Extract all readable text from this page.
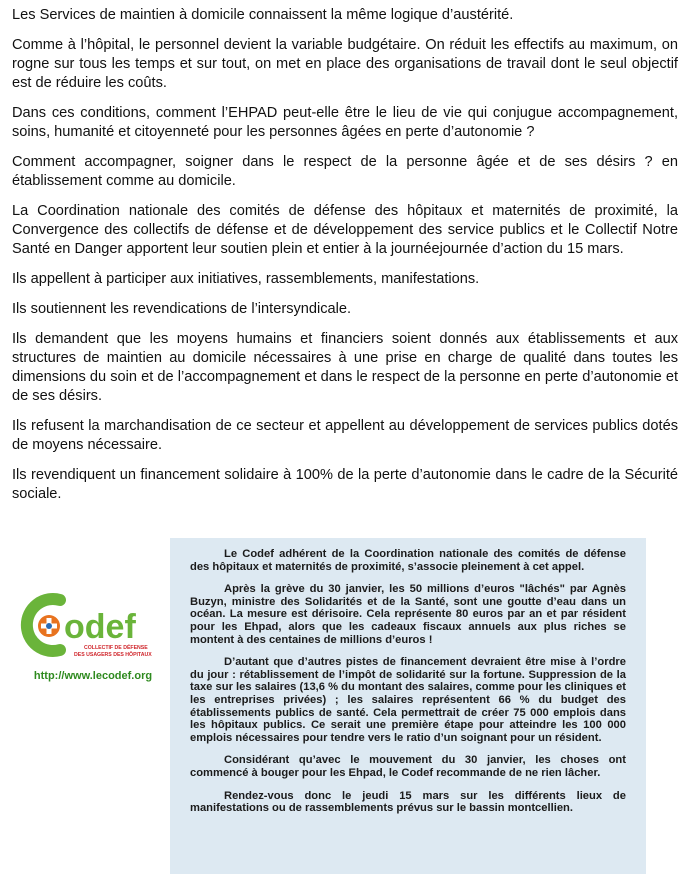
Les Services de maintien à domicile connaissent la même logique d’austérité.

Comme à l’hôpital, le personnel devient la variable budgétaire. On réduit les effectifs au maximum, on rogne sur tous les temps et sur tout, on met en place des organisations de travail dont le seul objectif est de réduire les coûts.

Dans ces conditions, comment l’EHPAD peut-elle être le lieu de vie qui conjugue accompagnement, soins, humanité et citoyenneté pour les personnes âgées en perte d’autonomie ?

Comment accompagner, soigner dans le respect de la personne âgée et de ses désirs ? en établissement comme au domicile.

La Coordination nationale des comités de défense des hôpitaux et maternités de proximité, la Convergence des collectifs de défense et de développement des service publics et le Collectif Notre Santé en Danger apportent leur soutien plein et entier à la journéejournée d’action du 15 mars.

Ils appellent à participer aux initiatives, rassemblements, manifestations.

Ils soutiennent les revendications de l’intersyndicale.

Ils demandent que les moyens humains et financiers soient donnés aux établissements et aux structures de maintien au domicile nécessaires à une prise en charge de qualité dans toutes les dimensions du soin et de l’accompagnement et dans le respect de la personne en perte d’autonomie et de ses désirs.

Ils refusent la marchandisation de ce secteur et appellent au développement de services publics dotés de moyens nécessaire.

Ils revendiquent un financement solidaire à 100% de la perte d’autonomie dans le cadre de la Sécurité sociale.

odef
COLLECTIF DE DÉFENSE
DES USAGERS DES HÔPITAUX
http://www.lecodef.org

Le Codef adhérent de la Coordination nationale des comités de défense des hôpitaux et maternités de proximité, s’associe pleinement à cet appel.

Après la grève du 30 janvier, les 50 millions d’euros "lâchés" par Agnès Buzyn, ministre des Solidarités et de la Santé, sont une goutte d’eau dans un océan. La mesure est dérisoire. Cela représente 80 euros par an et par résident pour les Ehpad, alors que les cadeaux fiscaux annuels aux plus riches se montent à des centaines de millions d’euros !

D’autant que d’autres pistes de financement devraient être mise à l’ordre du jour : rétablissement de l’impôt de solidarité sur la fortune. Suppression de la taxe sur les salaires (13,6 % du montant des salaires, comme pour les cliniques et les entreprises privées) ; les salaires représentent 66 % du budget des établissements publics de santé. Cela permettrait de créer 75 000 emplois dans les hôpitaux publics. Ce serait une première étape pour atteindre les 100 000 emplois nécessaires pour tendre vers le ratio d’un soignant pour un résident.

Considérant qu’avec le mouvement du 30 janvier, les choses ont commencé à bouger pour les Ehpad, le Codef recommande de ne rien lâcher.

Rendez-vous donc le jeudi 15 mars sur les différents lieux de manifestations ou de rassemblements prévus sur le bassin montcellien.
